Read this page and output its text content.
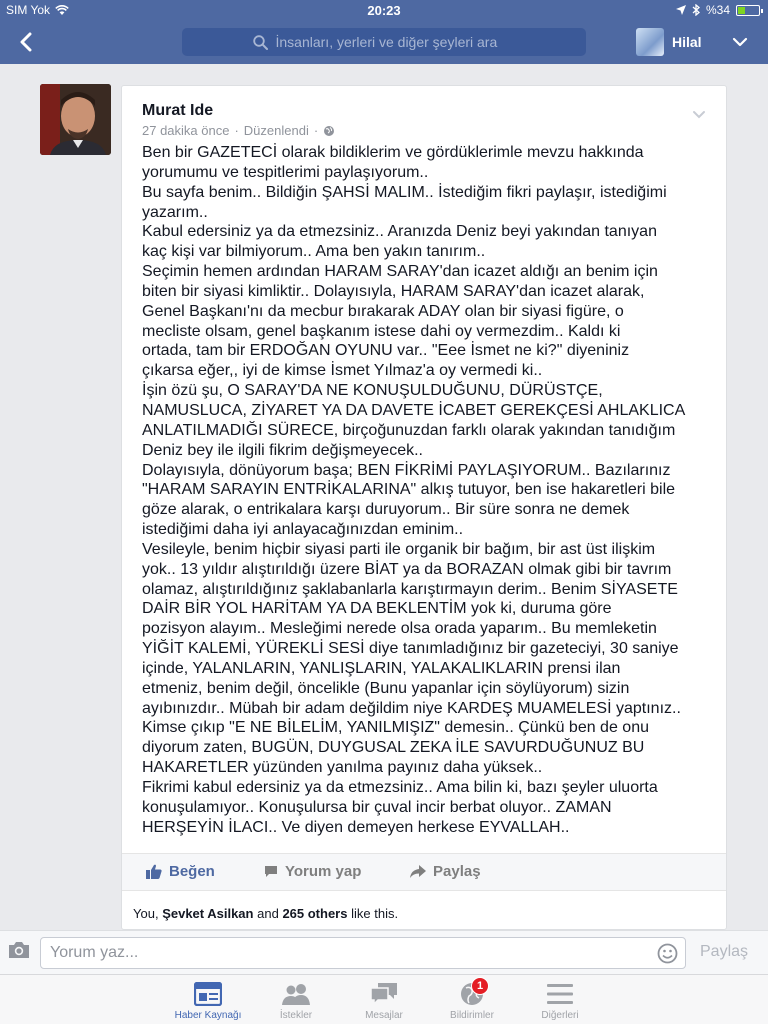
SIM Yok	20:23	%34
İnsanları, yerleri ve diğer şeyleri ara
Hilal
Murat Ide
27 dakika önce · Düzenlendi ·
Ben bir GAZETECİ olarak bildiklerim ve gördüklerimle mevzu hakkında
yorumumu ve tespitlerimi paylaşıyorum..
Bu sayfa benim.. Bildiğin ŞAHSİ MALIM.. İstediğim fikri paylaşır, istediğimi
yazarım..
Kabul edersiniz ya da etmezsiniz.. Aranızda Deniz beyi yakından tanıyan
kaç kişi var bilmiyorum.. Ama ben yakın tanırım..
Seçimin hemen ardından HARAM SARAY'dan icazet aldığı an benim için
biten bir siyasi kimliktir.. Dolayısıyla, HARAM SARAY'dan icazet alarak,
Genel Başkanı'nı da mecbur bırakarak ADAY olan bir siyasi figüre, o
mecliste olsam, genel başkanım istese dahi oy vermezdim.. Kaldı ki
ortada, tam bir ERDOĞAN OYUNU var.. "Eee İsmet ne ki?" diyeniniz
çıkarsa eğer,, iyi de kimse İsmet Yılmaz'a oy vermedi ki..
İşin özü şu, O SARAY'DA NE KONUŞULDUĞUNU, DÜRÜSTÇE,
NAMUSLUCA, ZİYARET YA DA DAVETE İCABET GEREKÇESİ AHLAKLICA
ANLATILMADIĞI SÜRECE, birçoğunuzdan farklı olarak yakından tanıdığım
Deniz bey ile ilgili fikrim değişmeyecek..
Dolayısıyla, dönüyorum başa; BEN FİKRİMİ PAYLAŞIYORUM.. Bazılarınız
"HARAM SARAYIN ENTRİKALARINA" alkış tutuyor, ben ise hakaretleri bile
göze alarak, o entrikalara karşı duruyorum.. Bir süre sonra ne demek
istediğimi daha iyi anlayacağınızdan eminim..
Vesileyle, benim hiçbir siyasi parti ile organik bir bağım, bir ast üst ilişkim
yok.. 13 yıldır alıştırıldığı üzere BİAT ya da BORAZAN olmak gibi bir tavrım
olamaz, alıştırıldığınız şaklabanlarla karıştırmayın derim.. Benim SİYASETE
DAİR BİR YOL HARİTAM YA DA BEKLENTİM yok ki, duruma göre
pozisyon alayım.. Mesleğimi nerede olsa orada yaparım.. Bu memleketin
YİĞİT KALEMİ, YÜREKLİ SESİ diye tanımladığınız bir gazeteciyi, 30 saniye
içinde, YALANLARIN, YANLIŞLARIN, YALAKALIKLARIN prensi ilan
etmeniz, benim değil, öncelikle (Bunu yapanlar için söylüyorum) sizin
ayıbınızdır.. Mübah bir adam değildim niye KARDEŞ MUAMELESİ yaptınız..
Kimse çıkıp "E NE BİLELİM, YANILMIŞIZ" demesin.. Çünkü ben de onu
diyorum zaten, BUGÜN, DUYGUSAL ZEKA İLE SAVURDUĞUNUZ BU
HAKARETLER yüzünden yanılma payınız daha yüksek..
Fikrimi kabul edersiniz ya da etmezsiniz.. Ama bilin ki, bazı şeyler uluorta
konuşulamıyor.. Konuşulursa bir çuval incir berbat oluyor.. ZAMAN
HERŞEYİN İLACI.. Ve diyen demeyen herkese EYVALLAH..
Beğen	Yorum yap	Paylaş
You, Şevket Asilkan and 265 others like this.
Yorum yaz...
Paylaş
Haber Kaynağı	İstekler	Mesajlar
1
Bildirimler	Diğerleri
